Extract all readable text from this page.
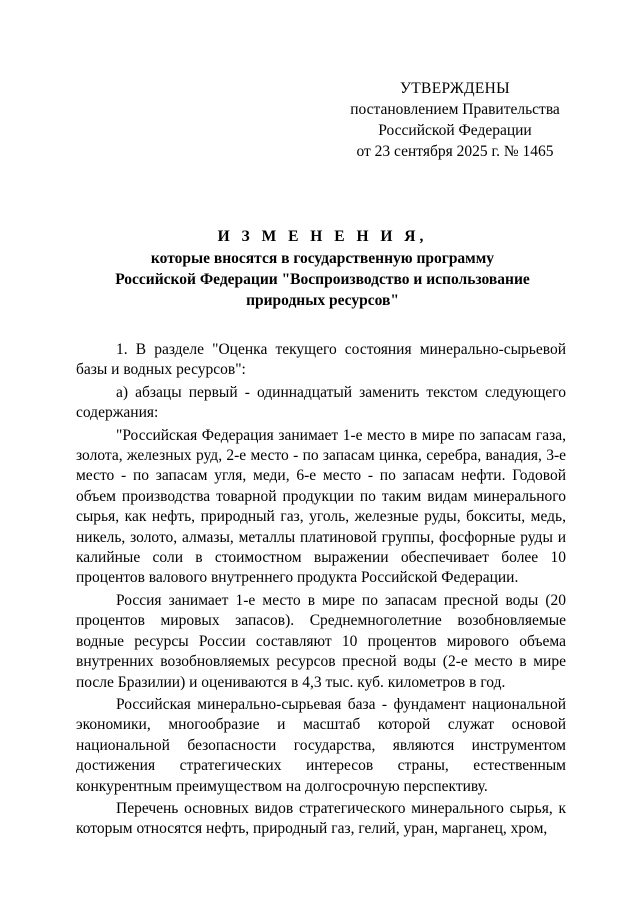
УТВЕРЖДЕНЫ
постановлением Правительства
Российской Федерации
от 23 сентября 2025 г. № 1465
И З М Е Н Е Н И Я,
которые вносятся в государственную программу
Российской Федерации "Воспроизводство и использование
природных ресурсов"

1. В разделе "Оценка текущего состояния минерально-сырьевой базы и водных ресурсов":

а) абзацы первый - одиннадцатый заменить текстом следующего содержания:

"Российская Федерация занимает 1-е место в мире по запасам газа, золота, железных руд, 2-е место - по запасам цинка, серебра, ванадия, 3-е место - по запасам угля, меди, 6-е место - по запасам нефти. Годовой объем производства товарной продукции по таким видам минерального сырья, как нефть, природный газ, уголь, железные руды, бокситы, медь, никель, золото, алмазы, металлы платиновой группы, фосфорные руды и калийные соли в стоимостном выражении обеспечивает более 10 процентов валового внутреннего продукта Российской Федерации.

Россия занимает 1-е место в мире по запасам пресной воды (20 процентов мировых запасов). Среднемноголетние возобновляемые водные ресурсы России составляют 10 процентов мирового объема внутренних возобновляемых ресурсов пресной воды (2-е место в мире после Бразилии) и оцениваются в 4,3 тыс. куб. километров в год.

Российская минерально-сырьевая база - фундамент национальной экономики, многообразие и масштаб которой служат основой национальной безопасности государства, являются инструментом достижения стратегических интересов страны, естественным конкурентным преимуществом на долгосрочную перспективу.

Перечень основных видов стратегического минерального сырья, к которым относятся нефть, природный газ, гелий, уран, марганец, хром,
